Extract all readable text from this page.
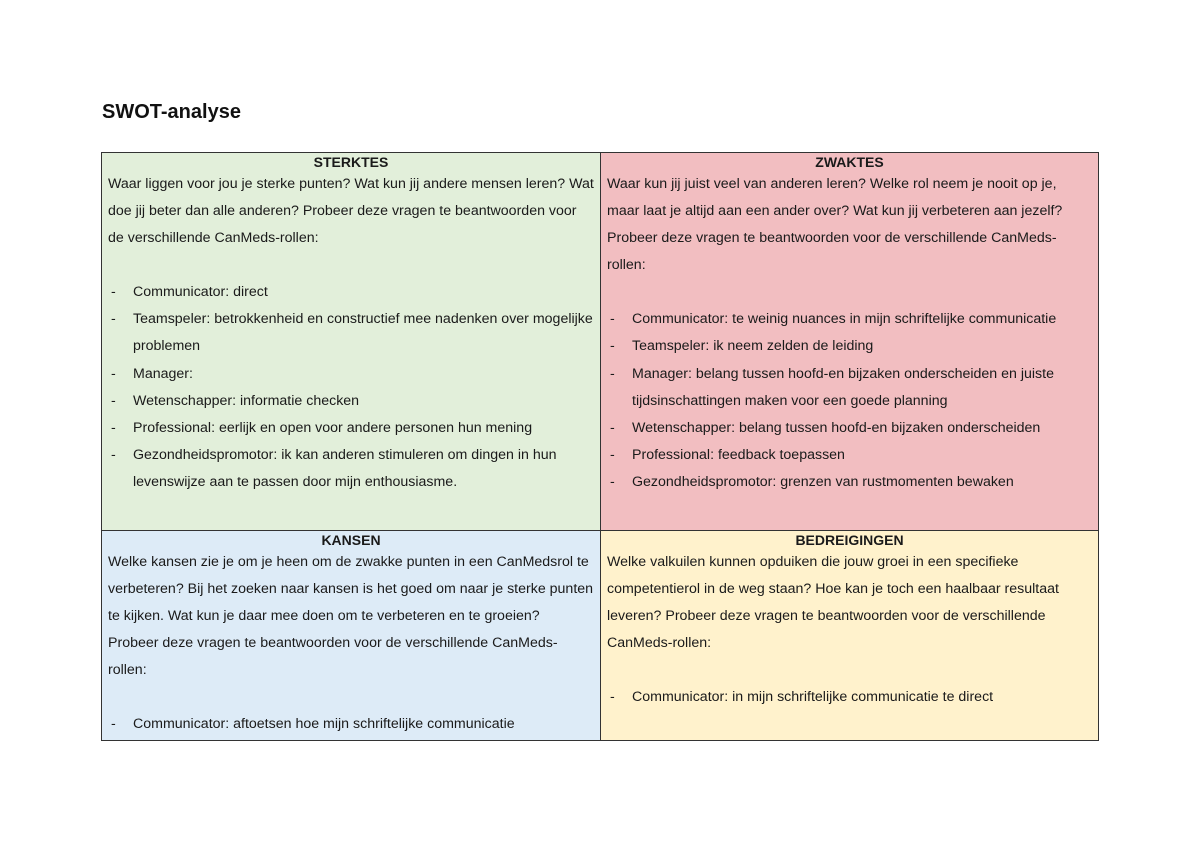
SWOT-analyse

STERKTES

Waar liggen voor jou je sterke punten? Wat kun jij andere mensen leren? Wat doe jij beter dan alle anderen? Probeer deze vragen te beantwoorden voor de verschillende CanMeds-rollen:

- Communicator: direct
- Teamspeler: betrokkenheid en constructief mee nadenken over mogelijke problemen
- Manager:
- Wetenschapper: informatie checken
- Professional: eerlijk en open voor andere personen hun mening
- Gezondheidspromotor: ik kan anderen stimuleren om dingen in hun levenswijze aan te passen door mijn enthousiasme.

ZWAKTES

Waar kun jij juist veel van anderen leren? Welke rol neem je nooit op je, maar laat je altijd aan een ander over? Wat kun jij verbeteren aan jezelf? Probeer deze vragen te beantwoorden voor de verschillende CanMeds-rollen:

- Communicator: te weinig nuances in mijn schriftelijke communicatie
- Teamspeler: ik neem zelden de leiding
- Manager: belang tussen hoofd-en bijzaken onderscheiden en juiste tijdsinschattingen maken voor een goede planning
- Wetenschapper: belang tussen hoofd-en bijzaken onderscheiden
- Professional: feedback toepassen
- Gezondheidspromotor: grenzen van rustmomenten bewaken

KANSEN

Welke kansen zie je om je heen om de zwakke punten in een CanMedsrol te verbeteren? Bij het zoeken naar kansen is het goed om naar je sterke punten te kijken. Wat kun je daar mee doen om te verbeteren en te groeien? Probeer deze vragen te beantwoorden voor de verschillende CanMeds-rollen:

- Communicator: aftoetsen hoe mijn schriftelijke communicatie

BEDREIGINGEN

Welke valkuilen kunnen opduiken die jouw groei in een specifieke competentierol in de weg staan? Hoe kan je toch een haalbaar resultaat leveren? Probeer deze vragen te beantwoorden voor de verschillende CanMeds-rollen:

- Communicator: in mijn schriftelijke communicatie te direct
